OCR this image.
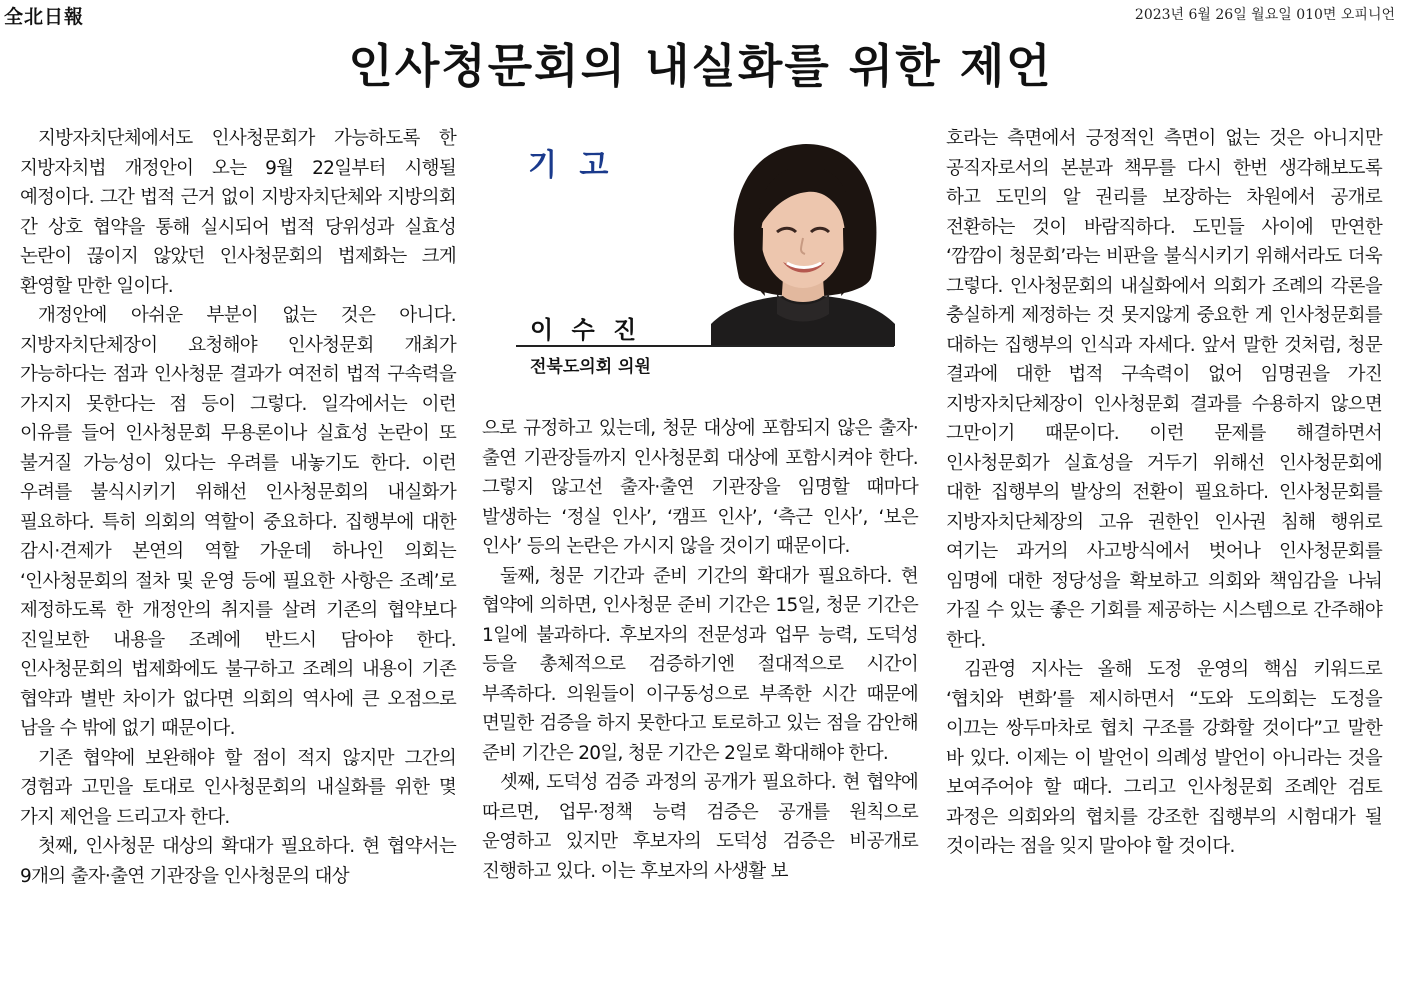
全北日報	2023년 6월 26일 월요일 010면 오피니언
인사청문회의 내실화를 위한 제언

지방자치단체에서도 인사청문회가 가능하도록 한 지방자치법 개정안이 오는 9월 22일부터 시행될 예정이다. 그간 법적 근거 없이 지방자치단체와 지방의회 간 상호 협약을 통해 실시되어 법적 당위성과 실효성 논란이 끊이지 않았던 인사청문회의 법제화는 크게 환영할 만한 일이다.

개정안에 아쉬운 부분이 없는 것은 아니다. 지방자치단체장이 요청해야 인사청문회 개최가 가능하다는 점과 인사청문 결과가 여전히 법적 구속력을 가지지 못한다는 점 등이 그렇다. 일각에서는 이런 이유를 들어 인사청문회 무용론이나 실효성 논란이 또 불거질 가능성이 있다는 우려를 내놓기도 한다. 이런 우려를 불식시키기 위해선 인사청문회의 내실화가 필요하다. 특히 의회의 역할이 중요하다. 집행부에 대한 감시·견제가 본연의 역할 가운데 하나인 의회는 ‘인사청문회의 절차 및 운영 등에 필요한 사항은 조례’로 제정하도록 한 개정안의 취지를 살려 기존의 협약보다 진일보한 내용을 조례에 반드시 담아야 한다. 인사청문회의 법제화에도 불구하고 조례의 내용이 기존 협약과 별반 차이가 없다면 의회의 역사에 큰 오점으로 남을 수 밖에 없기 때문이다.

기존 협약에 보완해야 할 점이 적지 않지만 그간의 경험과 고민을 토대로 인사청문회의 내실화를 위한 몇 가지 제언을 드리고자 한다.

첫째, 인사청문 대상의 확대가 필요하다. 현 협약서는 9개의 출자·출연 기관장을 인사청문의 대상

으로 규정하고 있는데, 청문 대상에 포함되지 않은 출자·출연 기관장들까지 인사청문회 대상에 포함시켜야 한다. 그렇지 않고선 출자·출연 기관장을 임명할 때마다 발생하는 ‘정실 인사’, ‘캠프 인사’, ‘측근 인사’, ‘보은 인사’ 등의 논란은 가시지 않을 것이기 때문이다.

둘째, 청문 기간과 준비 기간의 확대가 필요하다. 현 협약에 의하면, 인사청문 준비 기간은 15일, 청문 기간은 1일에 불과하다. 후보자의 전문성과 업무 능력, 도덕성 등을 총체적으로 검증하기엔 절대적으로 시간이 부족하다. 의원들이 이구동성으로 부족한 시간 때문에 면밀한 검증을 하지 못한다고 토로하고 있는 점을 감안해 준비 기간은 20일, 청문 기간은 2일로 확대해야 한다.

셋째, 도덕성 검증 과정의 공개가 필요하다. 현 협약에 따르면, 업무·정책 능력 검증은 공개를 원칙으로 운영하고 있지만 후보자의 도덕성 검증은 비공개로 진행하고 있다. 이는 후보자의 사생활 보

호라는 측면에서 긍정적인 측면이 없는 것은 아니지만 공직자로서의 본분과 책무를 다시 한번 생각해보도록 하고 도민의 알 권리를 보장하는 차원에서 공개로 전환하는 것이 바람직하다. 도민들 사이에 만연한 ‘깜깜이 청문회’라는 비판을 불식시키기 위해서라도 더욱 그렇다. 인사청문회의 내실화에서 의회가 조례의 각론을 충실하게 제정하는 것 못지않게 중요한 게 인사청문회를 대하는 집행부의 인식과 자세다. 앞서 말한 것처럼, 청문 결과에 대한 법적 구속력이 없어 임명권을 가진 지방자치단체장이 인사청문회 결과를 수용하지 않으면 그만이기 때문이다. 이런 문제를 해결하면서 인사청문회가 실효성을 거두기 위해선 인사청문회에 대한 집행부의 발상의 전환이 필요하다. 인사청문회를 지방자치단체장의 고유 권한인 인사권 침해 행위로 여기는 과거의 사고방식에서 벗어나 인사청문회를 임명에 대한 정당성을 확보하고 의회와 책임감을 나눠 가질 수 있는 좋은 기회를 제공하는 시스템으로 간주해야 한다.

김관영 지사는 올해 도정 운영의 핵심 키워드로 ‘협치와 변화’를 제시하면서 “도와 도의회는 도정을 이끄는 쌍두마차로 협치 구조를 강화할 것이다”고 말한 바 있다. 이제는 이 발언이 의례성 발언이 아니라는 것을 보여주어야 할 때다. 그리고 인사청문회 조례안 검토 과정은 의회와의 협치를 강조한 집행부의 시험대가 될 것이라는 점을 잊지 말아야 할 것이다.

기 고
이 수 진
전북도의회 의원
